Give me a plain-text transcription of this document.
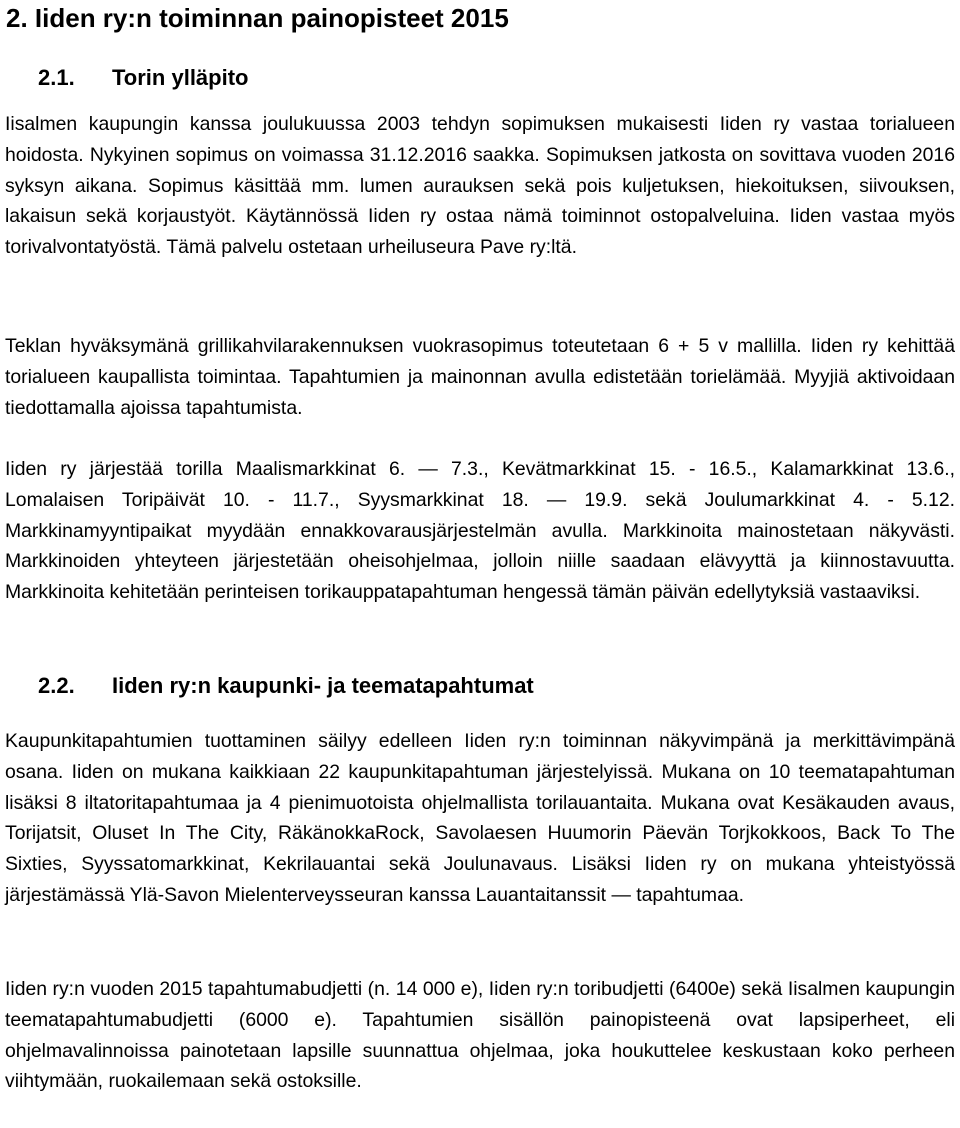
2. Iiden ry:n toiminnan painopisteet 2015
2.1. Torin ylläpito

Iisalmen kaupungin kanssa joulukuussa 2003 tehdyn sopimuksen mukaisesti Iiden ry vastaa torialueen hoidosta. Nykyinen sopimus on voimassa 31.12.2016 saakka. Sopimuksen jatkosta on sovittava vuoden 2016 syksyn aikana. Sopimus käsittää mm. lumen aurauksen sekä pois kuljetuksen, hiekoituksen, siivouksen, lakaisun sekä korjaustyöt. Käytännössä Iiden ry ostaa nämä toiminnot ostopalveluina. Iiden vastaa myös torivalvontatyöstä. Tämä palvelu ostetaan urheiluseura Pave ry:ltä.

Teklan hyväksymänä grillikahvilarakennuksen vuokrasopimus toteutetaan 6 + 5 v mallilla. Iiden ry kehittää torialueen kaupallista toimintaa. Tapahtumien ja mainonnan avulla edistetään torielämää. Myyjiä aktivoidaan tiedottamalla ajoissa tapahtumista.

Iiden ry järjestää torilla Maalismarkkinat 6. — 7.3., Kevätmarkkinat 15. - 16.5., Kalamarkkinat 13.6., Lomalaisen Toripäivät 10. - 11.7., Syysmarkkinat 18. — 19.9. sekä Joulumarkkinat 4. - 5.12. Markkinamyyntipaikat myydään ennakkovarausjärjestelmän avulla. Markkinoita mainostetaan näkyvästi. Markkinoiden yhteyteen järjestetään oheisohjelmaa, jolloin niille saadaan elävyyttä ja kiinnostavuutta. Markkinoita kehitetään perinteisen torikauppatapahtuman hengessä tämän päivän edellytyksiä vastaaviksi.

2.2. Iiden ry:n kaupunki- ja teematapahtumat

Kaupunkitapahtumien tuottaminen säilyy edelleen Iiden ry:n toiminnan näkyvimpänä ja merkittävimpänä osana. Iiden on mukana kaikkiaan 22 kaupunkitapahtuman järjestelyissä. Mukana on 10 teematapahtuman lisäksi 8 iltatoritapahtumaa ja 4 pienimuotoista ohjelmallista torilauantaita. Mukana ovat Kesäkauden avaus, Torijatsit, Oluset In The City, RäkänokkaRock, Savolaesen Huumorin Päevän Torjkokkoos, Back To The Sixties, Syyssatomarkkinat, Kekrilauantai sekä Joulunavaus. Lisäksi Iiden ry on mukana yhteistyössä järjestämässä Ylä-Savon Mielenterveysseuran kanssa Lauantaitanssit — tapahtumaa.

Iiden ry:n vuoden 2015 tapahtumabudjetti (n. 14 000 e), Iiden ry:n toribudjetti (6400e) sekä Iisalmen kaupungin teematapahtumabudjetti (6000 e). Tapahtumien sisällön painopisteenä ovat lapsiperheet, eli ohjelmavalinnoissa painotetaan lapsille suunnattua ohjelmaa, joka houkuttelee keskustaan koko perheen viihtymään, ruokailemaan sekä ostoksille.
